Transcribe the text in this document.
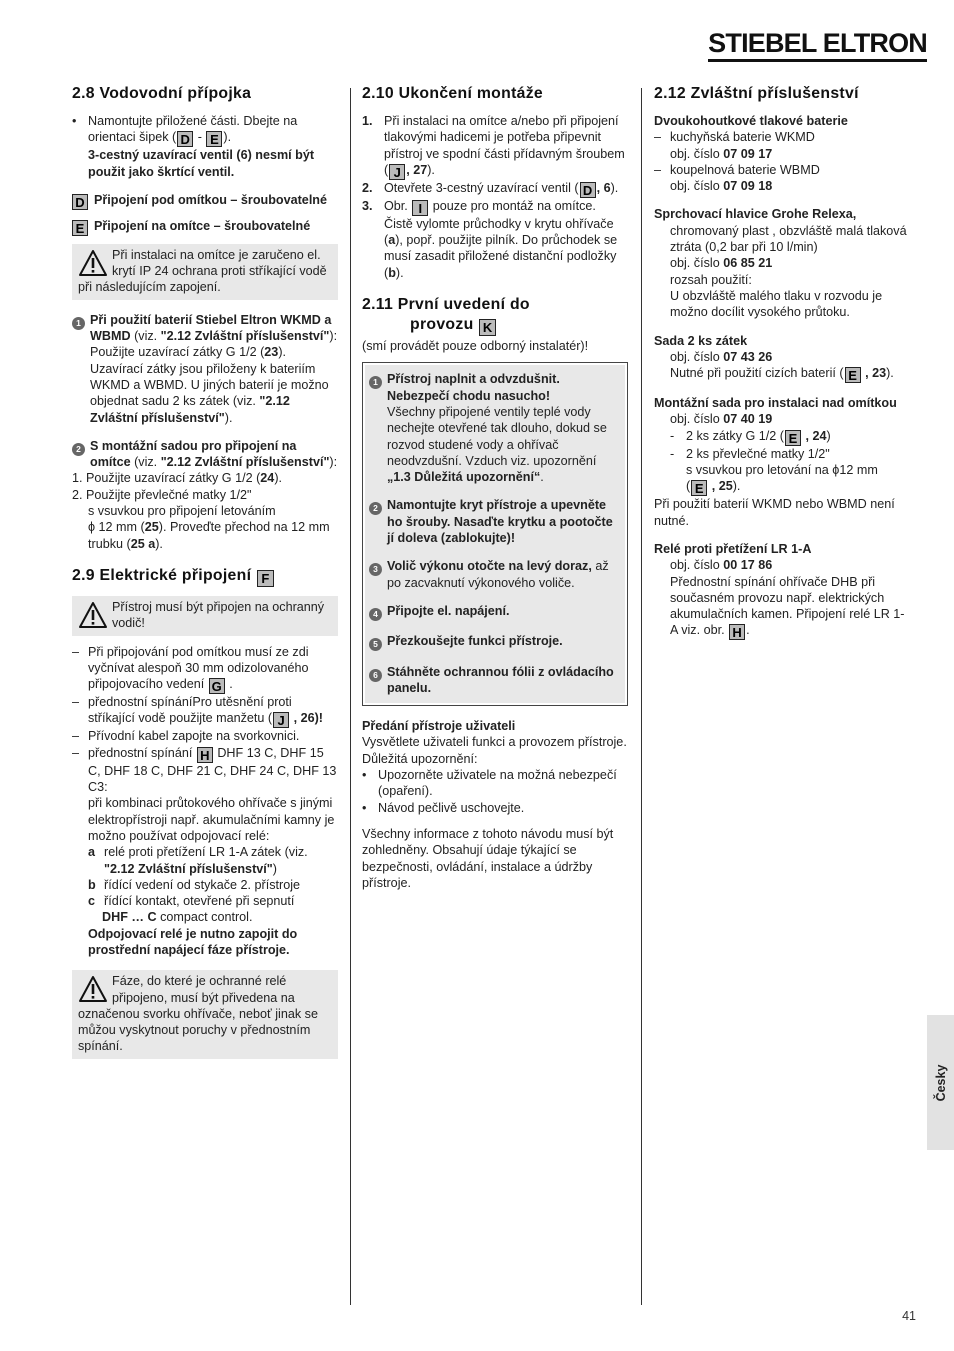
STIEBEL ELTRON
2.8 Vodovodní přípojka
• Namontujte přiložené části. Dbejte na orientaci šipek ( D - E ).
3-cestný uzavírací ventil (6) nesmí být použit jako škrtící ventil.
D Připojení pod omítkou – šroubovatelné
E Připojení na omítce – šroubovatelné
Při instalaci na omítce je zaručeno el. krytí IP 24 ochrana proti stříkající vodě při následujícím zapojení.
1 Při použití baterií Stiebel Eltron WKMD a WBMD (viz. "2.12 Zvláštní příslušenství"):
Použijte uzavírací zátky G 1/2 (23). Uzavírací zátky jsou přiloženy k bateriím WKMD a WBMD. U jiných baterií je možno objednat sadu 2 ks zátek (viz. "2.12 Zvláštní příslušenství").
2 S montážní sadou pro připojení na omítce (viz. "2.12 Zvláštní příslušenství"):

1. Použijte uzavírací zátky G 1/2 (24).

2. Použijte převlečné matky 1/2"

s vsuvkou pro připojení letováním

ϕ 12 mm (25). Proveďte přechod na 12 mm trubku (25 a).

2.9 Elektrické připojení F
Přístroj musí být připojen na ochranný vodič!
– Při připojování pod omítkou musí ze zdi vyčnívat alespoň 30 mm odizolovaného připojovacího vedení G .
– přednostní spínáníPro utěsnění proti stříkající vodě použijte manžetu ( J , 26)!
– Přívodní kabel zapojte na svorkovnici.
– přednostní spínání H DHF 13 C, DHF 15 C, DHF 18 C, DHF 21 C, DHF 24 C, DHF 13 C3:
při kombinaci průtokového ohřívače s jinými elektropřístroji např. akumulačními kamny je možno používat odpojovací relé:
a relé proti přetížení LR 1-A zátek (viz. "2.12 Zvláštní příslušenství")
b řídící vedení od stykače 2. přístroje
c řídící kontakt, otevřené při sepnutí

DHF … C compact control.

Odpojovací relé je nutno zapojit do prostřední napájecí fáze přístroje.

Fáze, do které je ochranné relé připojeno, musí být přivedena na označenou svorku ohřívače, neboť jinak se můžou vyskytnout poruchy v přednostním spínání.
2.10 Ukončení montáže
1. Při instalaci na omítce a/nebo při připojení tlakovými hadicemi je potřeba připevnit přístroj ve spodní části přídavným šroubem ( J , 27).
2. Otevřete 3-cestný uzavírací ventil ( D , 6).
3. Obr. I pouze pro montáž na omítce. Čistě vylomte průchodky v krytu ohřívače (a), popř. použijte pilník. Do průchodek se musí zasadit přiložené distanční podložky (b).
2.11 První uvedení do
provozu K

(smí provádět pouze odborný instalatér)!

1 Přístroj naplnit a odvzdušnit. Nebezpečí chodu nasucho!
Všechny připojené ventily teplé vody nechejte otevřené tak dlouho, dokud se rozvod studené vody a ohřívač neodvzdušní. Vzduch viz. upozornění „1.3 Důležitá upozornění“.
2 Namontujte kryt přístroje a upevněte ho šrouby. Nasaďte krytku a pootočte jí doleva (zablokujte)!
3 Volič výkonu otočte na levý doraz, až po zacvaknutí výkonového voliče.
4 Připojte el. napájení.
5 Přezkoušejte funkci přístroje.
6 Stáhněte ochrannou fólii z ovládacího panelu.

Předání přístroje uživateli

Vysvětlete uživateli funkci a provozem přístroje.

Důležitá upozornění:

• Upozorněte uživatele na možná nebezpečí (opaření).
• Návod pečlivě uschovejte.

Všechny informace z tohoto návodu musí být zohledněny. Obsahují údaje týkající se bezpečnosti, ovládání, instalace a údržby přístroje.

2.12 Zvláštní příslušenství

Dvoukohoutkové tlakové baterie

– kuchyňská baterie WKMD

obj. číslo 07 09 17

– koupelnová baterie WBMD

obj. číslo 07 09 18

Sprchovací hlavice Grohe Relexa,

chromovaný plast , obzvláště malá tlaková ztráta (0,2 bar při 10 l/min)

obj. číslo 06 85 21

rozsah použití:

U obzvláště malého tlaku v rozvodu je možno docílit vysokého průtoku.

Sada 2 ks zátek

obj. číslo 07 43 26

Nutné při použití cizích baterií ( E , 23).

Montážní sada pro instalaci nad omítkou

obj. číslo 07 40 19

- 2 ks zátky G 1/2 ( E , 24)
- 2 ks převlečné matky 1/2"
s vsuvkou pro letování na ϕ12 mm
( E , 25).

Při použití baterií WKMD nebo WBMD není nutné.

Relé proti přetížení LR 1-A

obj. číslo 00 17 86

Přednostní spínání ohřívače DHB při současném provozu např. elektrických akumulačních kamen. Připojení relé LR 1-A viz. obr. H .

Česky
41
